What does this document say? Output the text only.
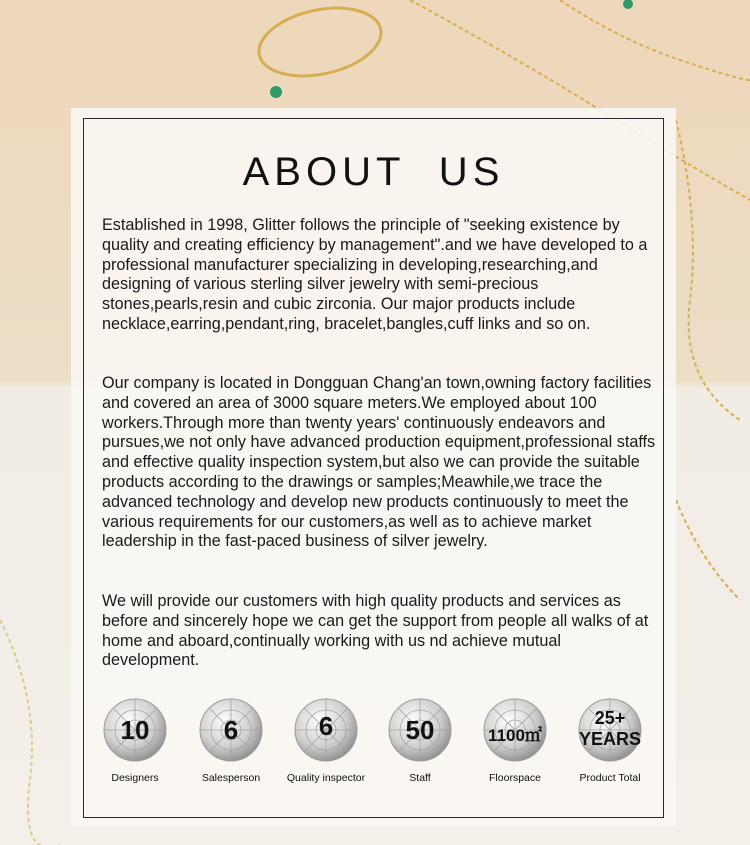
ABOUT US

Established in 1998, Glitter follows the principle of "seeking existence by quality and creating efficiency by management".and we have developed to a professional manufacturer specializing in developing,researching,and designing of various sterling silver jewelry with semi-precious stones,pearls,resin and cubic zirconia. Our major products include necklace,earring,pendant,ring, bracelet,bangles,cuff links and so on.

Our company is located in Dongguan Chang'an town,owning factory facilities and covered an area of 3000 square meters.We employed about 100 workers.Through more than twenty years' continuously endeavors and pursues,we not only have advanced production equipment,professional staffs and effective quality inspection system,but also we can provide the suitable products according to the drawings or samples;Meawhile,we trace the advanced technology and develop new products continuously to meet the various requirements for our customers,as well as to achieve market leadership in the fast-paced business of silver jewelry.

We will provide our customers with high quality products and services as before and sincerely hope we can get the support from people all walks of at home and aboard,continually working with us nd achieve mutual development.

10
Designers
6
Salesperson
6
Quality inspector
50
Staff
1100㎡
Floorspace
25+
YEARS
Product Total
